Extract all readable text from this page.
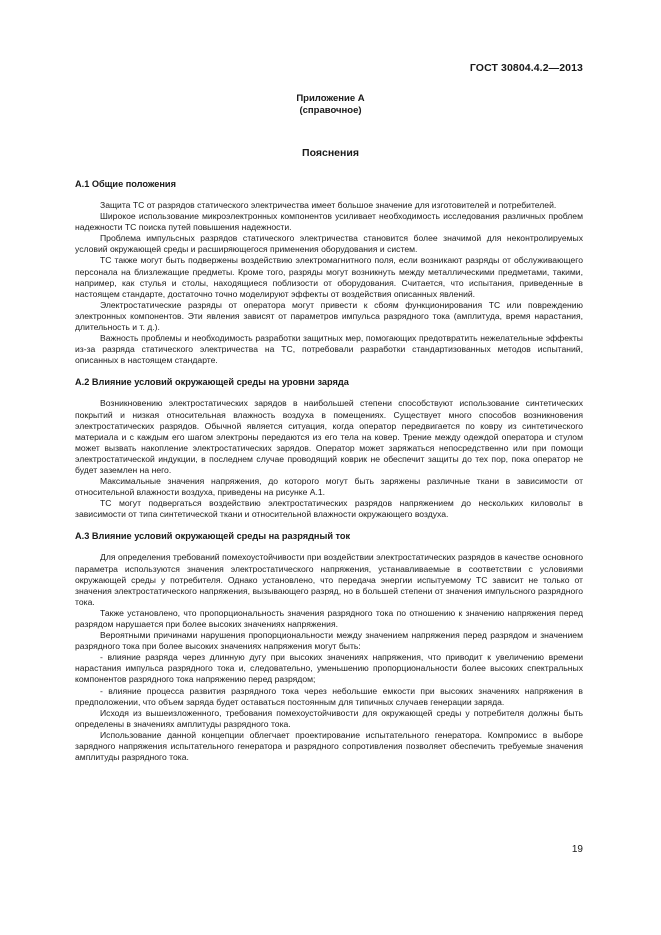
ГОСТ 30804.4.2—2013
Приложение А
(справочное)
Пояснения
А.1 Общие положения

Защита ТС от разрядов статического электричества имеет большое значение для изготовителей и потребителей.

Широкое использование микроэлектронных компонентов усиливает необходимость исследования различных проблем надежности ТС поиска путей повышения надежности.

Проблема импульсных разрядов статического электричества становится более значимой для неконтролируемых условий окружающей среды и расширяющегося применения оборудования и систем.

ТС также могут быть подвержены воздействию электромагнитного поля, если возникают разряды от обслуживающего персонала на близлежащие предметы. Кроме того, разряды могут возникнуть между металлическими предметами, такими, например, как стулья и столы, находящиеся поблизости от оборудования. Считается, что испытания, приведенные в настоящем стандарте, достаточно точно моделируют эффекты от воздействия описанных явлений.

Электростатические разряды от оператора могут привести к сбоям функционирования ТС или повреждению электронных компонентов. Эти явления зависят от параметров импульса разрядного тока (амплитуда, время нарастания, длительность и т. д.).

Важность проблемы и необходимость разработки защитных мер, помогающих предотвратить нежелательные эффекты из-за разряда статического электричества на ТС, потребовали разработки стандартизованных методов испытаний, описанных в настоящем стандарте.

А.2 Влияние условий окружающей среды на уровни заряда

Возникновению электростатических зарядов в наибольшей степени способствуют использование синтетических покрытий и низкая относительная влажность воздуха в помещениях. Существует много способов возникновения электростатических разрядов. Обычной является ситуация, когда оператор передвигается по ковру из синтетического материала и с каждым его шагом электроны передаются из его тела на ковер. Трение между одеждой оператора и стулом может вызвать накопление электростатических зарядов. Оператор может заряжаться непосредственно или при помощи электростатической индукции, в последнем случае проводящий коврик не обеспечит защиты до тех пор, пока оператор не будет заземлен на него.

Максимальные значения напряжения, до которого могут быть заряжены различные ткани в зависимости от относительной влажности воздуха, приведены на рисунке А.1.

ТС могут подвергаться воздействию электростатических разрядов напряжением до нескольких киловольт в зависимости от типа синтетической ткани и относительной влажности окружающего воздуха.

А.3 Влияние условий окружающей среды на разрядный ток

Для определения требований помехоустойчивости при воздействии электростатических разрядов в качестве основного параметра используются значения электростатического напряжения, устанавливаемые в соответствии с условиями окружающей среды у потребителя. Однако установлено, что передача энергии испытуемому ТС зависит не только от значения электростатического напряжения, вызывающего разряд, но в большей степени от значения импульсного разрядного тока.

Также установлено, что пропорциональность значения разрядного тока по отношению к значению напряжения перед разрядом нарушается при более высоких значениях напряжения.

Вероятными причинами нарушения пропорциональности между значением напряжения перед разрядом и значением разрядного тока при более высоких значениях напряжения могут быть:

- влияние разряда через длинную дугу при высоких значениях напряжения, что приводит к увеличению времени нарастания импульса разрядного тока и, следовательно, уменьшению пропорциональности более высоких спектральных компонентов разрядного тока напряжению перед разрядом;

- влияние процесса развития разрядного тока через небольшие емкости при высоких значениях напряжения в предположении, что объем заряда будет оставаться постоянным для типичных случаев генерации заряда.

Исходя из вышеизложенного, требования помехоустойчивости для окружающей среды у потребителя должны быть определены в значениях амплитуды разрядного тока.

Использование данной концепции облегчает проектирование испытательного генератора. Компромисс в выборе зарядного напряжения испытательного генератора и разрядного сопротивления позволяет обеспечить требуемые значения амплитуды разрядного тока.

19
